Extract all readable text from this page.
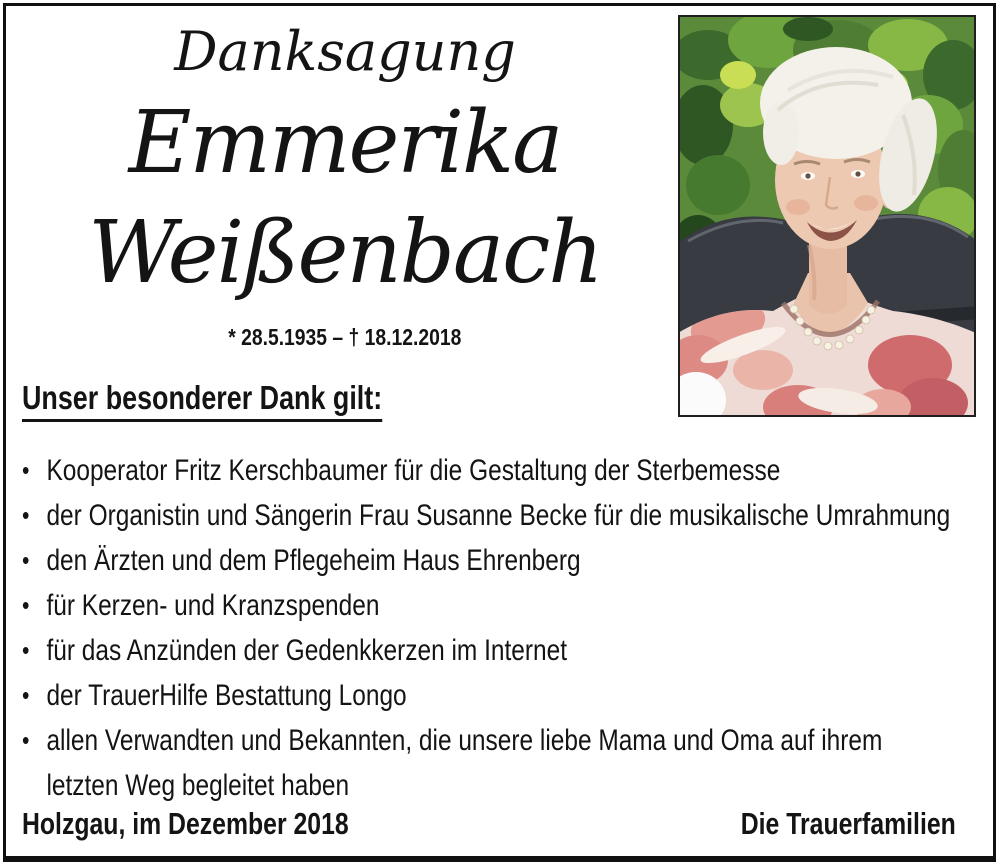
Danksagung
Emmerika
Weißenbach
* 28.5.1935 – † 18.12.2018
Unser besonderer Dank gilt:
• Kooperator Fritz Kerschbaumer für die Gestaltung der Sterbemesse
• der Organistin und Sängerin Frau Susanne Becke für die musikalische Umrahmung
• den Ärzten und dem Pflegeheim Haus Ehrenberg
• für Kerzen- und Kranzspenden
• für das Anzünden der Gedenkkerzen im Internet
• der TrauerHilfe Bestattung Longo
• allen Verwandten und Bekannten, die unsere liebe Mama und Oma auf ihrem letzten Weg begleitet haben
Holzgau, im Dezember 2018	Die Trauerfamilien
